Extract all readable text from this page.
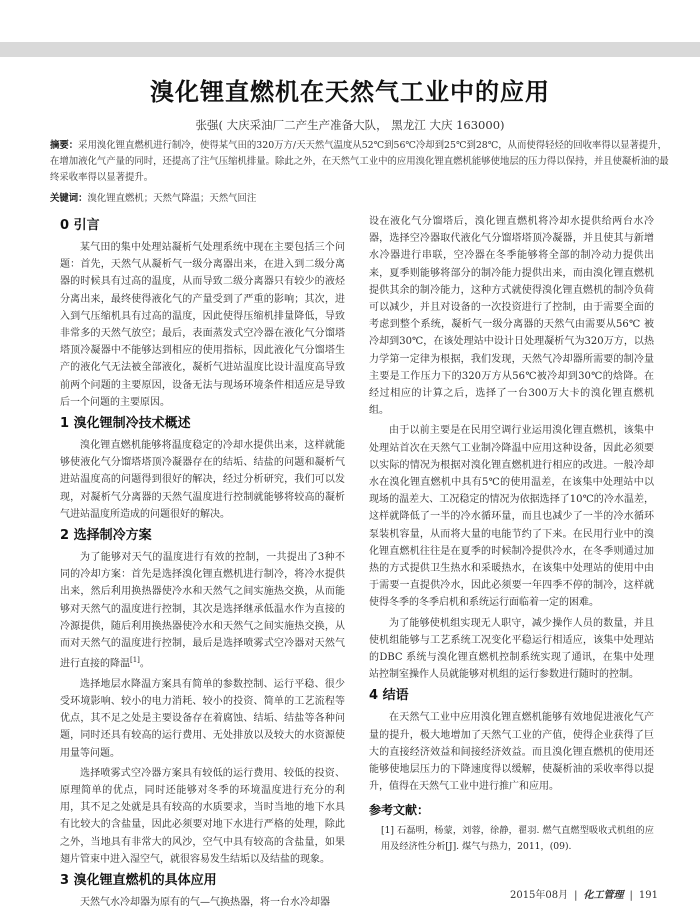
溴化锂直燃机在天然气工业中的应用
张强( 大庆采油厂二产生产准备大队， 黑龙江 大庆 163000)
摘要：采用溴化锂直燃机进行制冷，使得某气田的320万方/天天然气温度从52℃到56℃冷却到25℃到28℃，从而使得轻烃的回收率得以显著提升，在增加液化气产量的同时，还提高了注气压缩机排量。除此之外，在天然气工业中的应用溴化锂直燃机能够使地层的压力得以保持，并且使凝析油的最终采收率得以显著提升。
关键词：溴化锂直燃机；天然气降温；天然气回注
0 引言

某气田的集中处理站凝析气处理系统中现在主要包括三个问题：首先，天然气从凝析气一级分离器出来，在进入到二级分离器的时候具有过高的温度，从而导致二级分离器只有较少的液烃分离出来，最终使得液化气的产量受到了严重的影响；其次，进入到气压缩机具有过高的温度，因此使得压缩机排量降低，导致非常多的天然气放空；最后，表面蒸发式空冷器在液化气分馏塔塔顶冷凝器中不能够达到相应的使用指标，因此液化气分馏塔生产的液化气无法被全部液化，凝析气进站温度比设计温度高导致前两个问题的主要原因，设备无法与现场环境条件相适应是导致后一个问题的主要原因。

1 溴化锂制冷技术概述

溴化锂直燃机能够将温度稳定的冷却水提供出来，这样就能够使液化气分馏塔塔顶冷凝器存在的结垢、结盐的问题和凝析气进站温度高的问题得到很好的解决，经过分析研究，我们可以发现，对凝析气分离器的天然气温度进行控制就能够将较高的凝析气进站温度所造成的问题很好的解决。

2 选择制冷方案

为了能够对天气的温度进行有效的控制，一共提出了3种不同的冷却方案：首先是选择溴化锂直燃机进行制冷，将冷水提供出来，然后利用换热器使冷水和天然气之间实施热交换，从而能够对天然气的温度进行控制，其次是选择继承低温水作为直接的冷源提供，随后利用换热器使冷水和天然气之间实施热交换，从而对天然气的温度进行控制，最后是选择喷雾式空冷器对天然气进行直接的降温[1]。

选择地层水降温方案具有简单的参数控制、运行平稳、很少受环境影响、较小的电力消耗、较小的投资、简单的工艺流程等优点，其不足之处是主要设备存在着腐蚀、结垢、结盐等各种问题，同时还具有较高的运行费用、无处排放以及较大的水资源使用量等问题。

选择喷雾式空冷器方案具有较低的运行费用、较低的投资、原理简单的优点，同时还能够对冬季的环境温度进行充分的利用，其不足之处就是具有较高的水质要求，当时当地的地下水具有比较大的含盐量，因此必须要对地下水进行严格的处理，除此之外，当地具有非常大的风沙，空气中具有较高的含盐量，如果翅片管束中进入湿空气，就很容易发生结垢以及结盐的现象。

3 溴化锂直燃机的具体应用

天然气水冷却器为原有的气—气换热器，将一台水冷却器

设在液化气分馏塔后，溴化锂直燃机将冷却水提供给两台水冷器，选择空冷器取代液化气分馏塔塔顶冷凝器，并且使其与新增水冷器进行串联，空冷器在冬季能够将全部的制冷动力提供出来，夏季则能够将部分的制冷能力提供出来，而由溴化锂直燃机提供其余的制冷能力，这种方式就使得溴化锂直燃机的制冷负荷可以减少，并且对设备的一次投资进行了控制，由于需要全面的考虑到整个系统，凝析气一级分离器的天然气由需要从56℃ 被冷却到30℃，在该处理站中设计日处理凝析气为320万方，以热力学第一定律为根据，我们发现，天然气冷却器所需要的制冷量主要是工作压力下的320万方从56℃被冷却到30℃的焓降。在经过相应的计算之后，选择了一台300万大卡的溴化锂直燃机组。

由于以前主要是在民用空调行业运用溴化锂直燃机，该集中处理站首次在天然气工业制冷降温中应用这种设备，因此必须要以实际的情况为根据对溴化锂直燃机进行相应的改进。一般冷却水在溴化锂直燃机中具有5℃的使用温差，在该集中处理站中以现场的温差大、工况稳定的情况为依据选择了10℃的冷水温差，这样就降低了一半的冷水循环量，而且也减少了一半的冷水循环泵装机容量，从而将大量的电能节约了下来。在民用行业中的溴化锂直燃机往往是在夏季的时候制冷提供冷水，在冬季则通过加热的方式提供卫生热水和采暖热水，在该集中处理站的使用中由于需要一直提供冷水，因此必须要一年四季不停的制冷，这样就使得冬季的冬季启机和系统运行面临着一定的困难。

为了能够使机组实现无人职守，减少操作人员的数量，并且使机组能够与工艺系统工况变化平稳运行相适应，该集中处理站的DBC 系统与溴化锂直燃机控制系统实现了通讯，在集中处理站控制室操作人员就能够对机组的运行参数进行随时的控制。

4 结语

在天然气工业中应用溴化锂直燃机能够有效地促进液化气产量的提升，极大地增加了天然气工业的产值，使得企业获得了巨大的直接经济效益和间接经济效益。而且溴化锂直燃机的使用还能够使地层压力的下降速度得以缓解，使凝析油的采收率得以提升，值得在天然气工业中进行推广和应用。

参考文献：

[1] 石磊明，杨蒙，刘蓉，徐静，翟羽. 燃气直燃型吸收式机组的应用及经济性分析[J]. 煤气与热力，2011，(09).

2015年08月 | 化工管理 | 191
